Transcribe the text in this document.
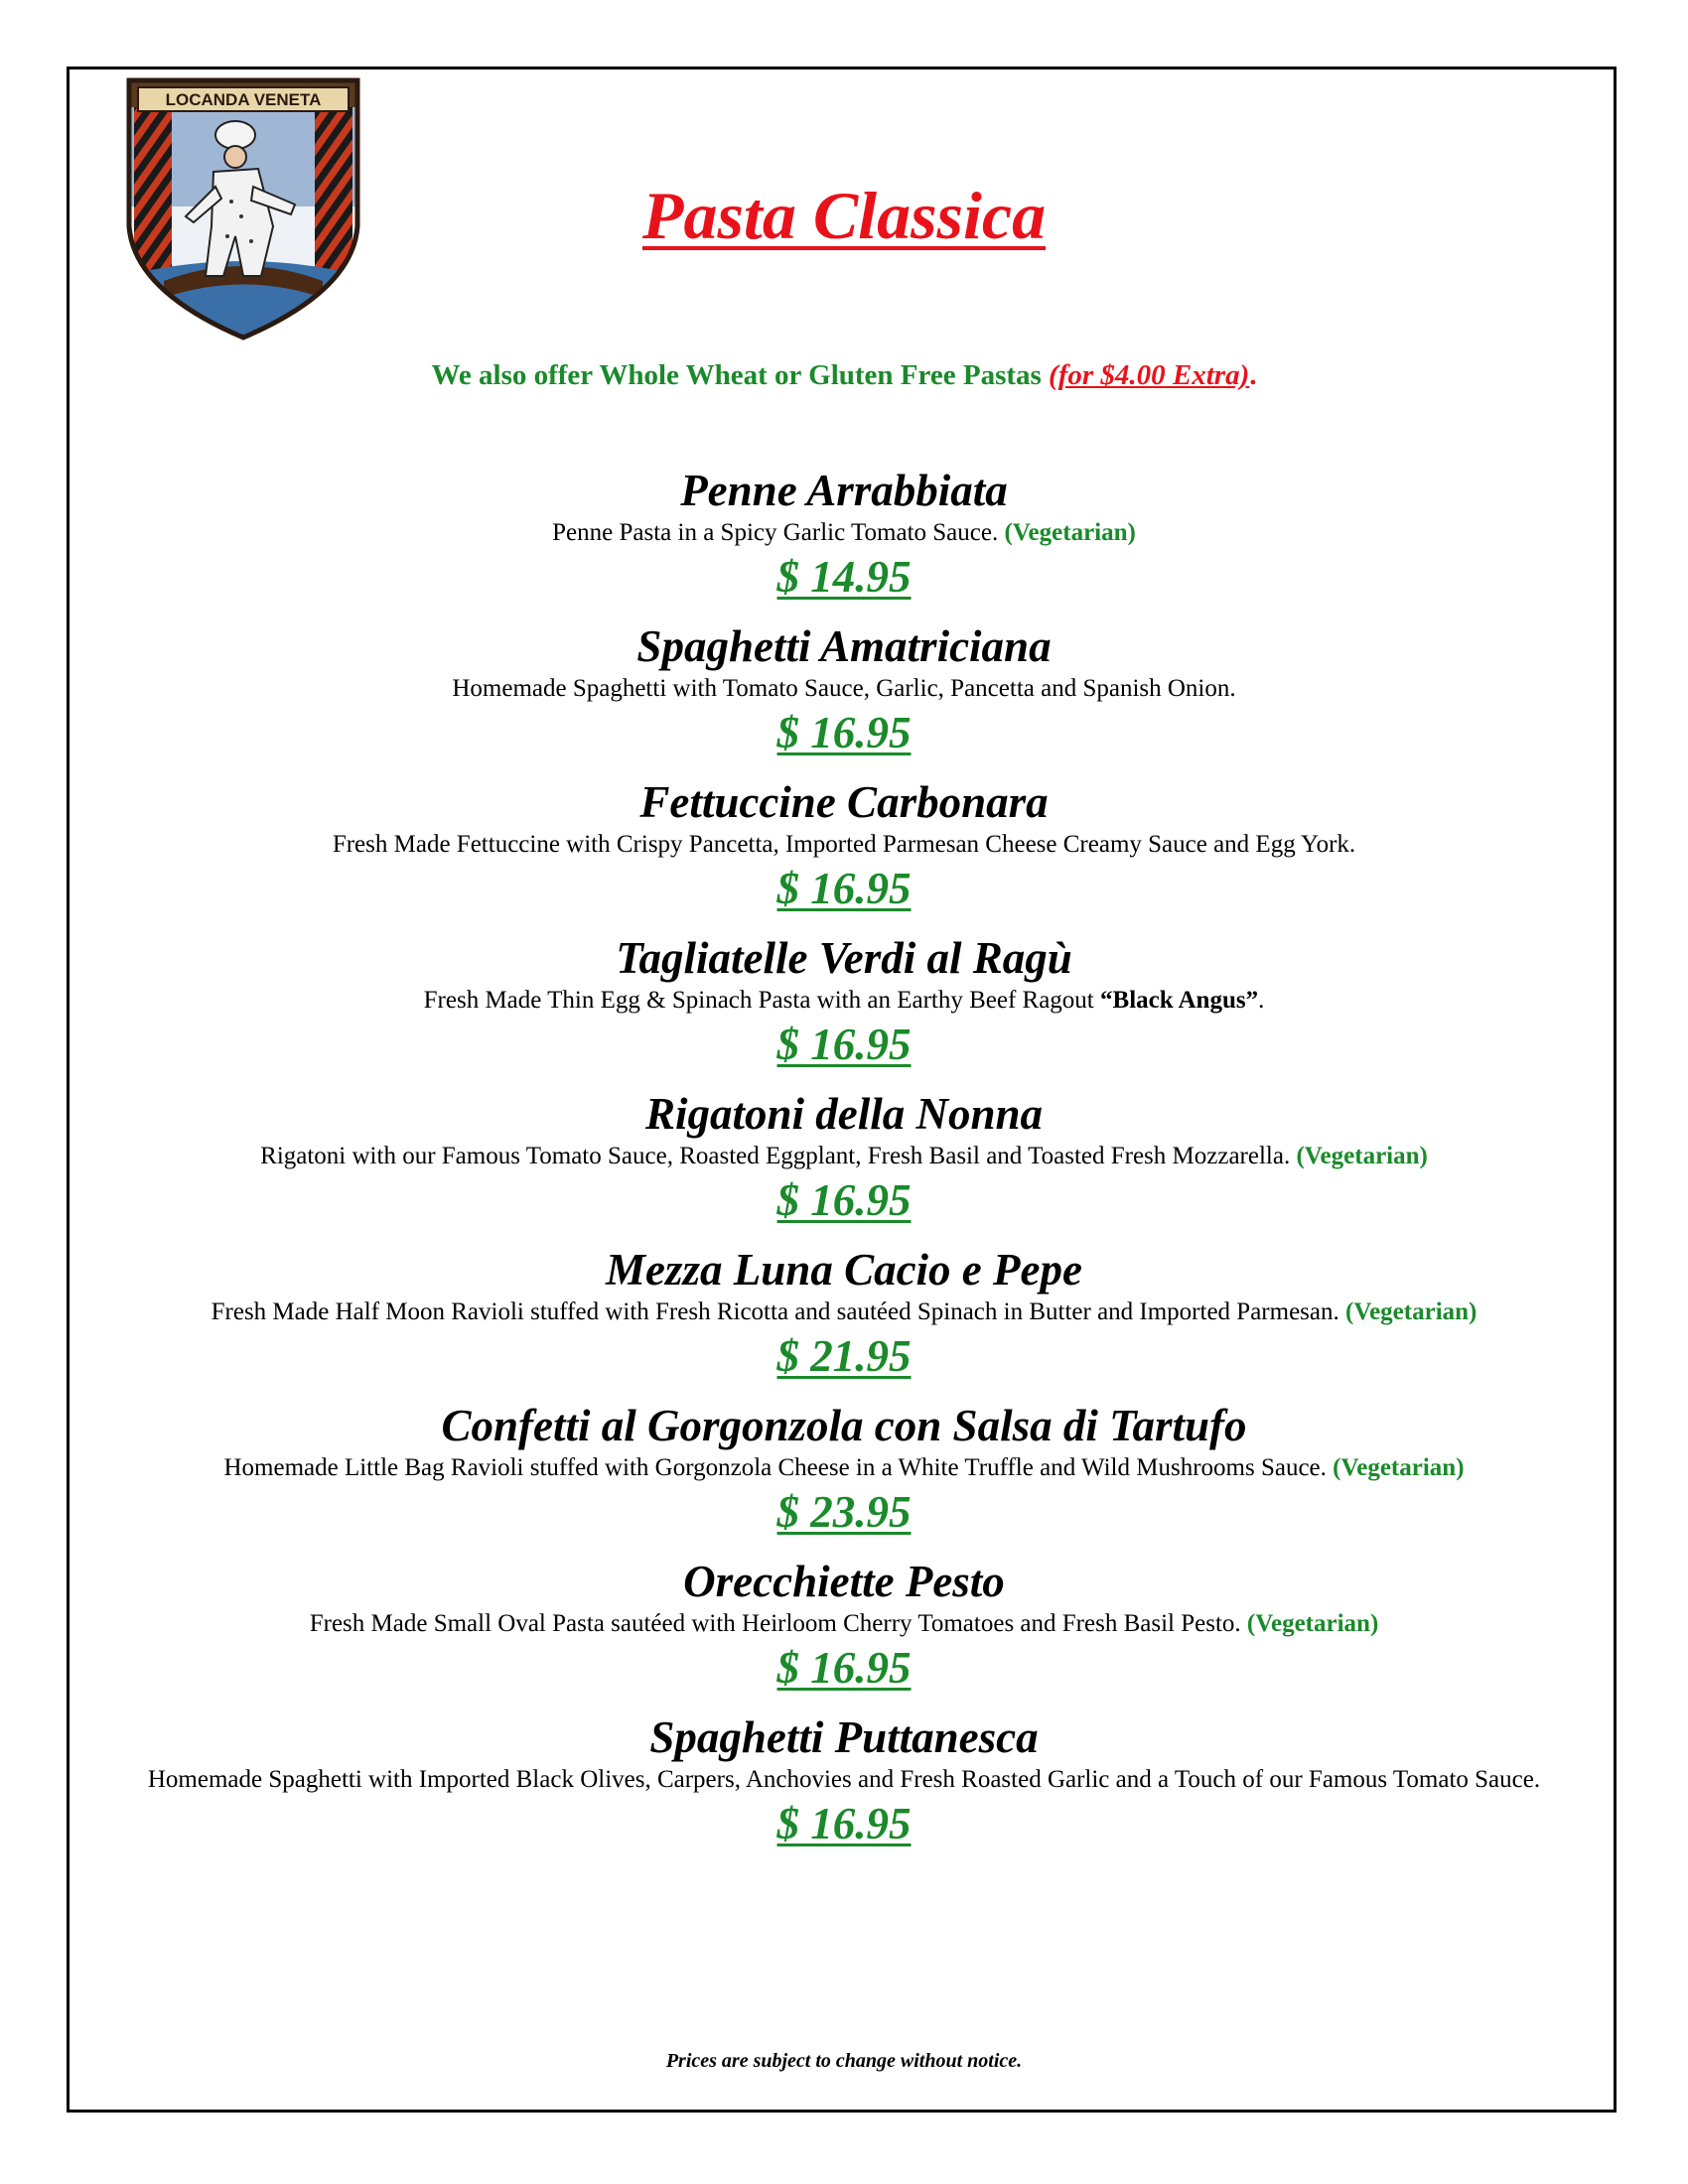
LOCANDA VENETA
Pasta Classica
We also offer Whole Wheat or Gluten Free Pastas (for $4.00 Extra).
Penne Arrabbiata
Penne Pasta in a Spicy Garlic Tomato Sauce. (Vegetarian)
$ 14.95
Spaghetti Amatriciana
Homemade Spaghetti with Tomato Sauce, Garlic, Pancetta and Spanish Onion.
$ 16.95
Fettuccine Carbonara
Fresh Made Fettuccine with Crispy Pancetta, Imported Parmesan Cheese Creamy Sauce and Egg York.
$ 16.95
Tagliatelle Verdi al Ragù
Fresh Made Thin Egg & Spinach Pasta with an Earthy Beef Ragout “Black Angus”.
$ 16.95
Rigatoni della Nonna
Rigatoni with our Famous Tomato Sauce, Roasted Eggplant, Fresh Basil and Toasted Fresh Mozzarella. (Vegetarian)
$ 16.95
Mezza Luna Cacio e Pepe
Fresh Made Half Moon Ravioli stuffed with Fresh Ricotta and sautéed Spinach in Butter and Imported Parmesan. (Vegetarian)
$ 21.95
Confetti al Gorgonzola con Salsa di Tartufo
Homemade Little Bag Ravioli stuffed with Gorgonzola Cheese in a White Truffle and Wild Mushrooms Sauce. (Vegetarian)
$ 23.95
Orecchiette Pesto
Fresh Made Small Oval Pasta sautéed with Heirloom Cherry Tomatoes and Fresh Basil Pesto. (Vegetarian)
$ 16.95
Spaghetti Puttanesca
Homemade Spaghetti with Imported Black Olives, Carpers, Anchovies and Fresh Roasted Garlic and a Touch of our Famous Tomato Sauce.
$ 16.95
Prices are subject to change without notice.
